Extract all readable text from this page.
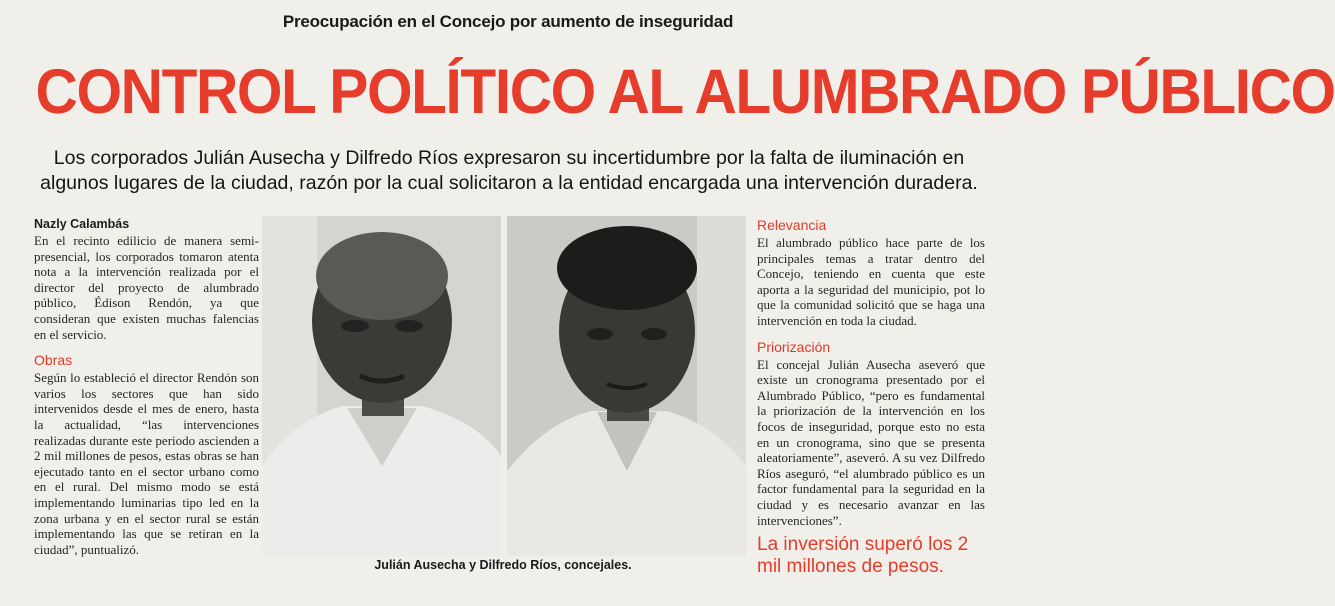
Preocupación en el Concejo por aumento de inseguridad
CONTROL POLÍTICO AL ALUMBRADO PÚBLICO
Los corporados Julián Ausecha y Dilfredo Ríos expresaron su incertidumbre por la falta de iluminación en algunos lugares de la ciudad, razón por la cual solicitaron a la entidad encargada una intervención duradera.
Nazly Calambás

En el recinto edilicio de manera semi-presencial, los corporados tomaron atenta nota a la intervención realizada por el director del proyecto de alumbrado público, Édison Rendón, ya que consideran que existen muchas falencias en el servicio.

Obras

Según lo estableció el director Rendón son varios los sectores que han sido intervenidos desde el mes de enero, hasta la actualidad, “las intervenciones realizadas durante este periodo ascienden a 2 mil millones de pesos, estas obras se han ejecutado tanto en el sector urbano como en el rural. Del mismo modo se está implementando luminarias tipo led en la zona urbana y en el sector rural se están implementando las que se retiran en la ciudad”, puntualizó.

Julián Ausecha y Dilfredo Ríos, concejales.
Relevancia

El alumbrado público hace parte de los principales temas a tratar dentro del Concejo, teniendo en cuenta que este aporta a la seguridad del municipio, pot lo que la comunidad solicitó que se haga una intervención en toda la ciudad.

Priorización

El concejal Julián Ausecha aseveró que existe un cronograma presentado por el Alumbrado Público, “pero es fundamental la priorización de la intervención en los focos de inseguridad, porque esto no esta en un cronograma, sino que se presenta aleatoriamente”, aseveró. A su vez Dilfredo Ríos aseguró, “el alumbrado público es un factor fundamental para la seguridad en la ciudad y es necesario avanzar en las intervenciones”.

La inversión superó los 2 mil millones de pesos.
